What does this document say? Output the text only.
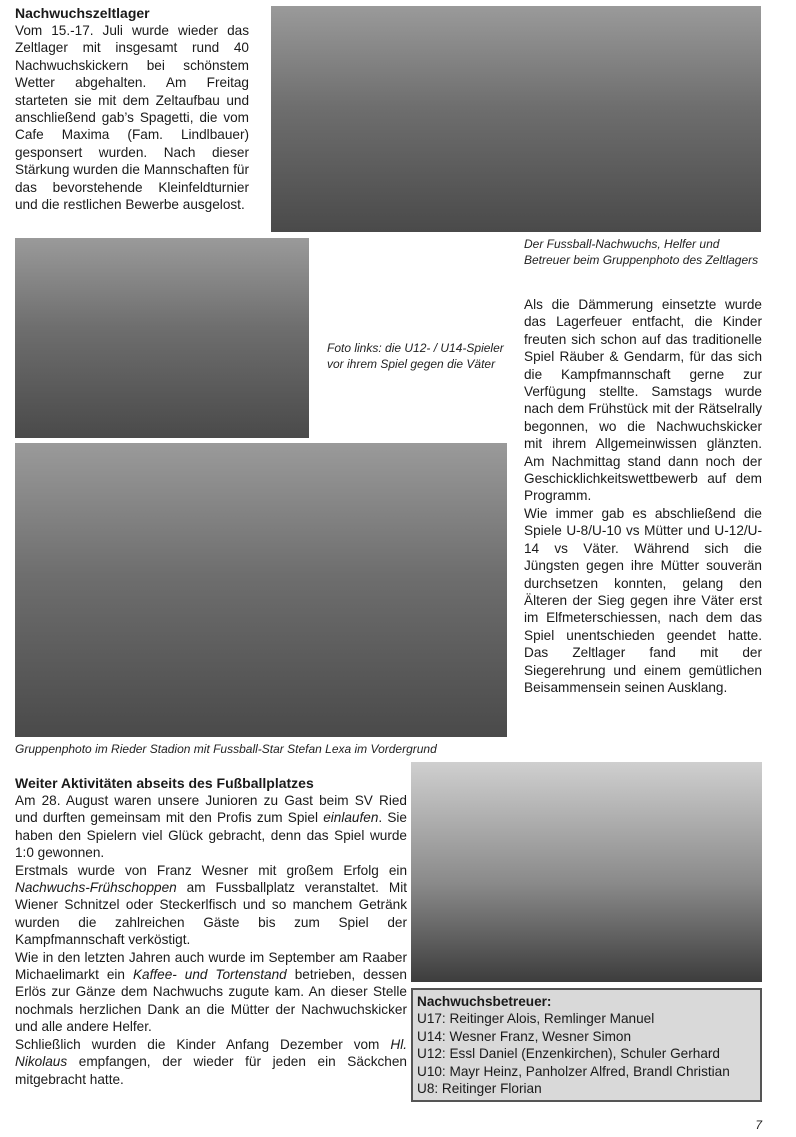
Nachwuchszeltlager

Vom 15.-17. Juli wurde wieder das Zeltlager mit insgesamt rund 40 Nachwuchskickern bei schönstem Wetter abgehalten. Am Freitag starteten sie mit dem Zeltaufbau und anschließend gab’s Spagetti, die vom Cafe Maxima (Fam. Lindlbauer) gesponsert wurden. Nach dieser Stärkung wurden die Mannschaften für das bevorstehende Kleinfeldturnier und die restlichen Bewerbe ausgelost.

Der Fussball-Nachwuchs, Helfer und Betreuer beim Gruppenphoto des Zeltlagers
Foto links: die U12- / U14-Spieler vor ihrem Spiel gegen die Väter
Gruppenphoto im Rieder Stadion mit Fussball-Star Stefan Lexa im Vordergrund

Als die Dämmerung einsetzte wurde das Lagerfeuer entfacht, die Kinder freuten sich schon auf das traditionelle Spiel Räuber & Gendarm, für das sich die Kampfmannschaft gerne zur Verfügung stellte. Samstags wurde nach dem Frühstück mit der Rätselrally begonnen, wo die Nachwuchskicker mit ihrem Allgemeinwissen glänzten. Am Nachmittag stand dann noch der Geschicklichkeitswettbewerb auf dem Programm.

Wie immer gab es abschließend die Spiele U-8/U-10 vs Mütter und U-12/U-14 vs Väter. Während sich die Jüngsten gegen ihre Mütter souverän durchsetzen konnten, gelang den Älteren der Sieg gegen ihre Väter erst im Elfmeterschiessen, nach dem das Spiel unentschieden geendet hatte. Das Zeltlager fand mit der Siegerehrung und einem gemütlichen Beisammensein seinen Ausklang.

Weiter Aktivitäten abseits des Fußballplatzes

Am 28. August waren unsere Junioren zu Gast beim SV Ried und durften gemeinsam mit den Profis zum Spiel einlaufen. Sie haben den Spielern viel Glück gebracht, denn das Spiel wurde 1:0 gewonnen.

Erstmals wurde von Franz Wesner mit großem Erfolg ein Nachwuchs-Frühschoppen am Fussballplatz veranstaltet. Mit Wiener Schnitzel oder Steckerlfisch und so manchem Getränk wurden die zahlreichen Gäste bis zum Spiel der Kampfmannschaft verköstigt.

Wie in den letzten Jahren auch wurde im September am Raaber Michaelimarkt ein Kaffee- und Tortenstand betrieben, dessen Erlös zur Gänze dem Nachwuchs zugute kam. An dieser Stelle nochmals herzlichen Dank an die Mütter der Nachwuchskicker und alle andere Helfer.

Schließlich wurden die Kinder Anfang Dezember vom Hl. Nikolaus empfangen, der wieder für jeden ein Säckchen mitgebracht hatte.

Nachwuchsbetreuer:
U17: Reitinger Alois, Remlinger Manuel
U14: Wesner Franz, Wesner Simon
U12: Essl Daniel (Enzenkirchen), Schuler Gerhard
U10: Mayr Heinz, Panholzer Alfred, Brandl Christian
U8: Reitinger Florian
7
